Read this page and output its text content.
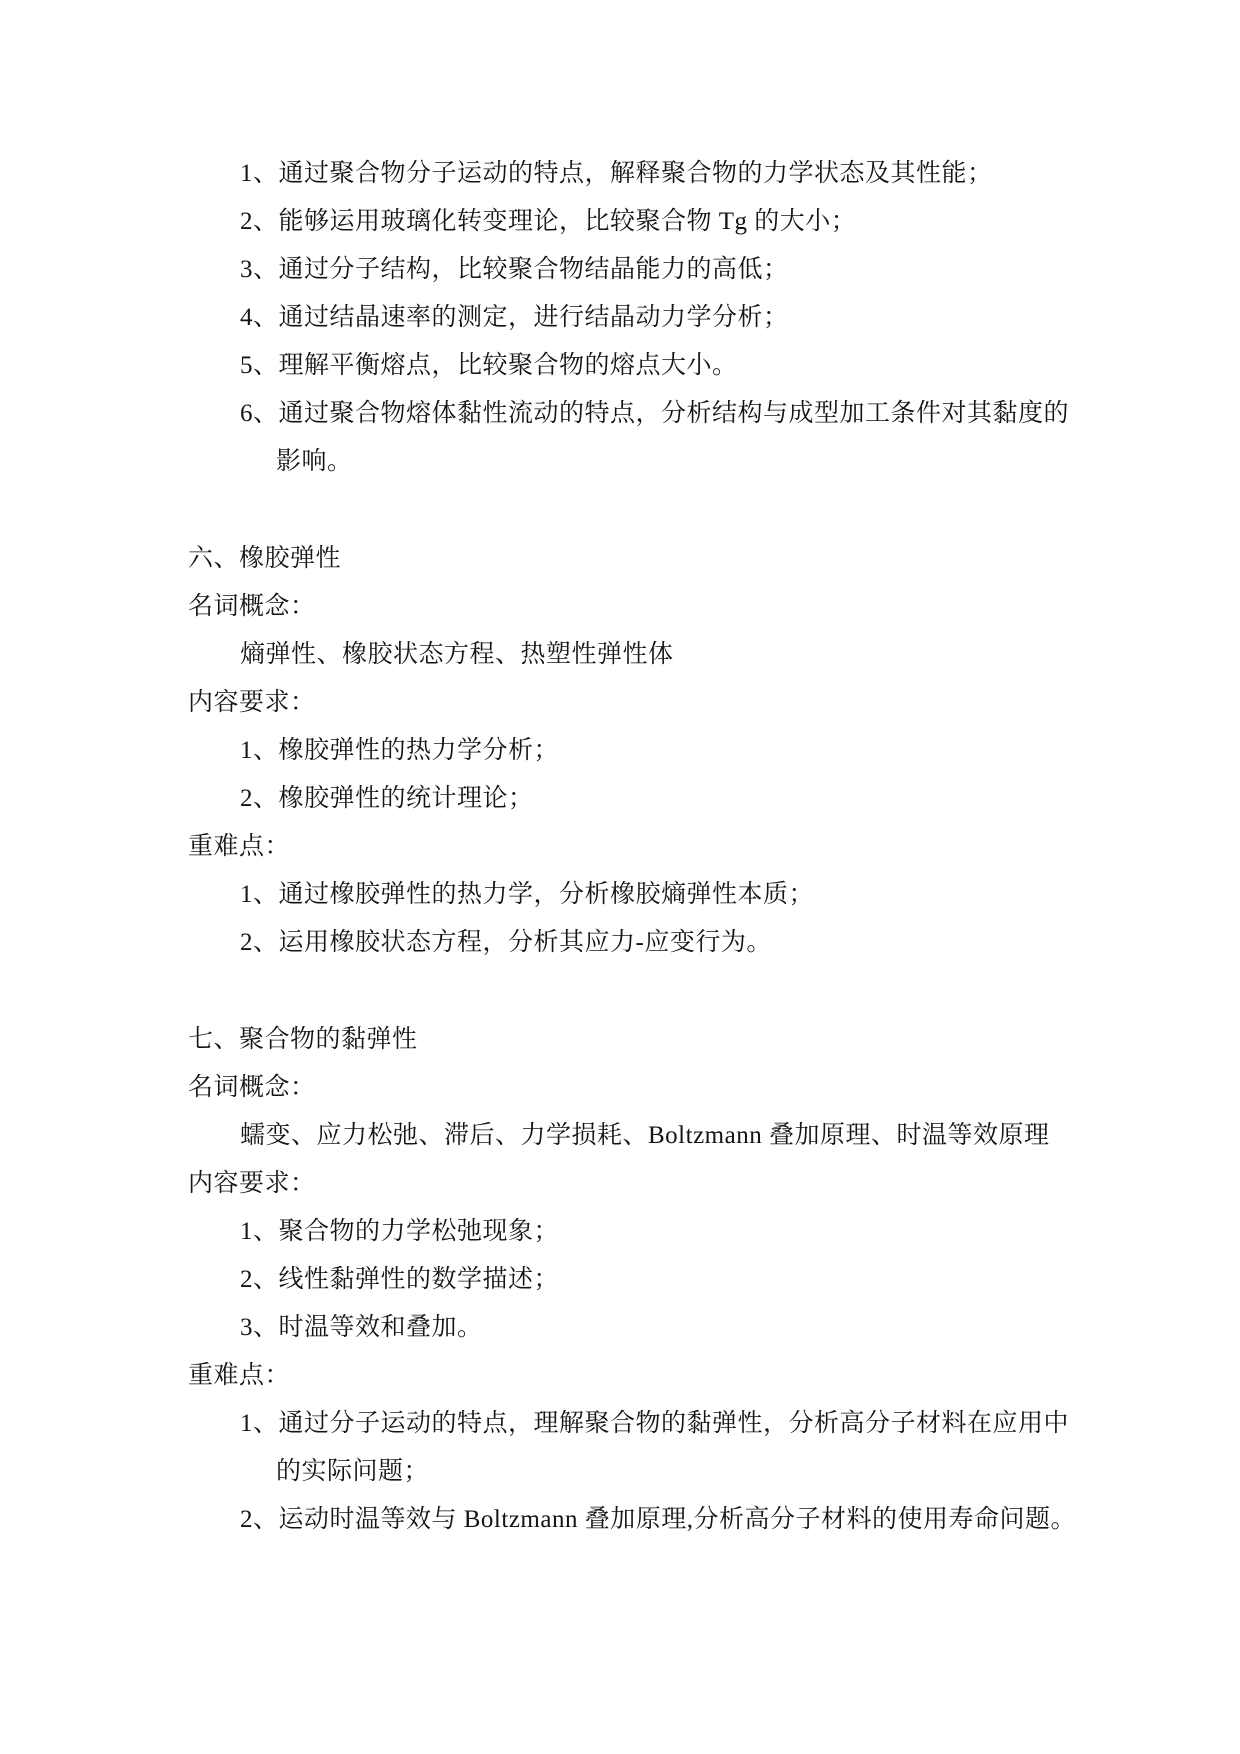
1、通过聚合物分子运动的特点，解释聚合物的力学状态及其性能；
2、能够运用玻璃化转变理论，比较聚合物 Tg 的大小；
3、通过分子结构，比较聚合物结晶能力的高低；
4、通过结晶速率的测定，进行结晶动力学分析；
5、理解平衡熔点，比较聚合物的熔点大小。
6、通过聚合物熔体黏性流动的特点，分析结构与成型加工条件对其黏度的
影响。
六、橡胶弹性
名词概念：
熵弹性、橡胶状态方程、热塑性弹性体
内容要求：
1、橡胶弹性的热力学分析；
2、橡胶弹性的统计理论；
重难点：
1、通过橡胶弹性的热力学，分析橡胶熵弹性本质；
2、运用橡胶状态方程，分析其应力-应变行为。
七、聚合物的黏弹性
名词概念：
蠕变、应力松弛、滞后、力学损耗、Boltzmann 叠加原理、时温等效原理
内容要求：
1、聚合物的力学松弛现象；
2、线性黏弹性的数学描述；
3、时温等效和叠加。
重难点：
1、通过分子运动的特点，理解聚合物的黏弹性，分析高分子材料在应用中
的实际问题；
2、运动时温等效与 Boltzmann 叠加原理,分析高分子材料的使用寿命问题。
